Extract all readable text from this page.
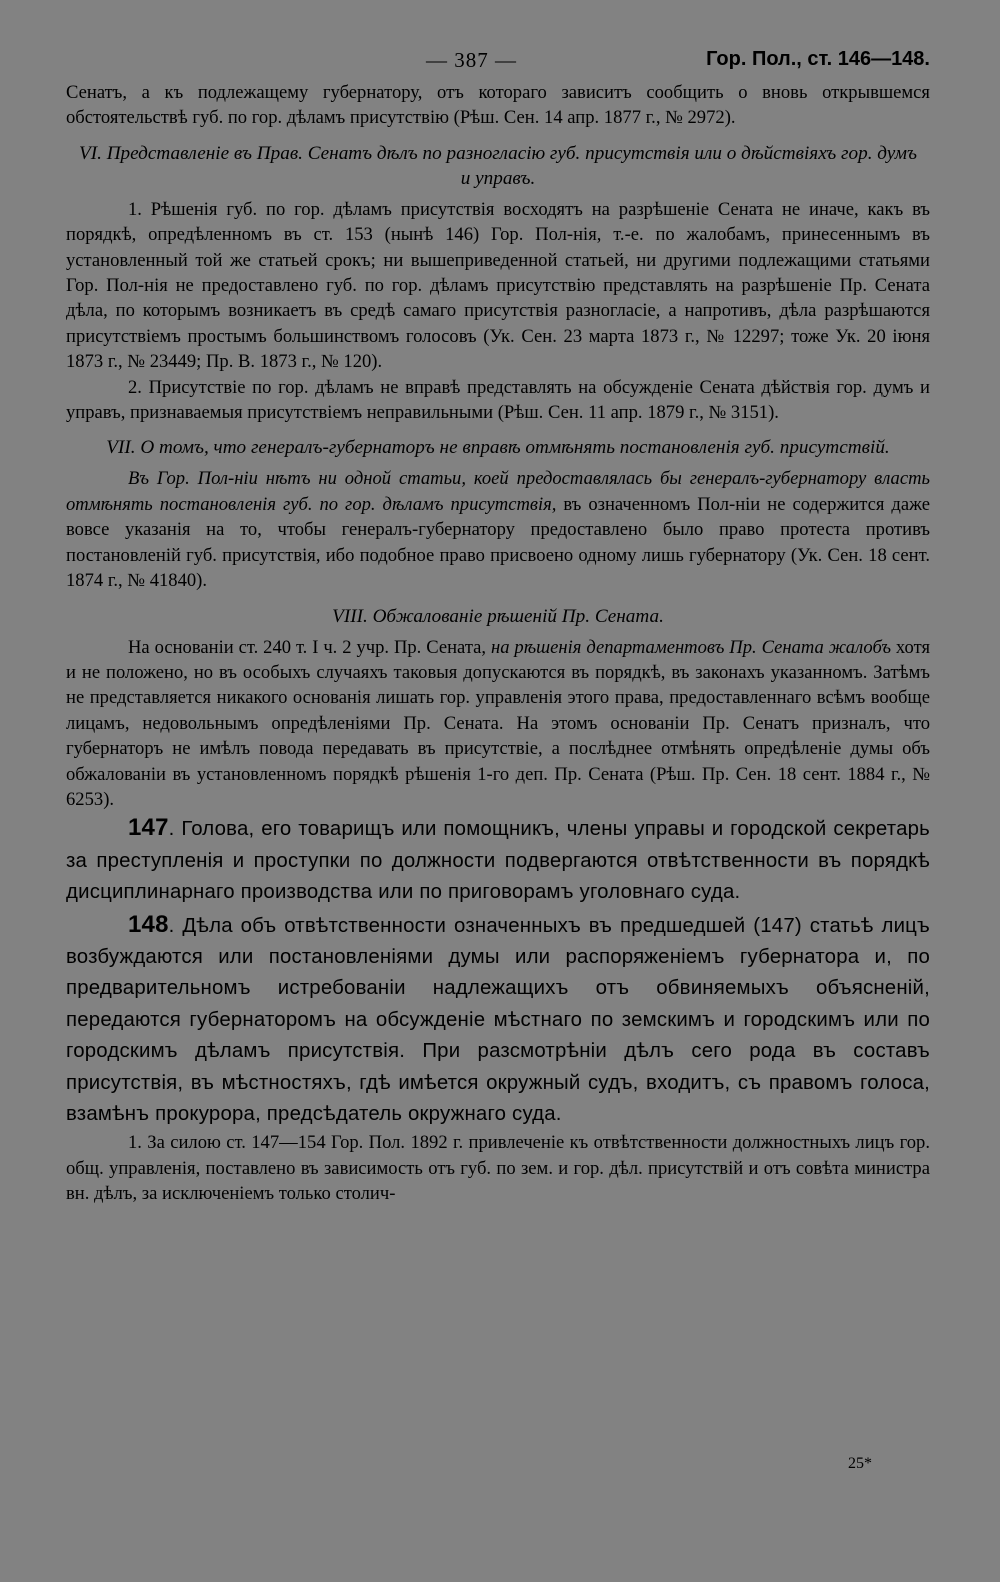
— 387 —	Гор. Пол., ст. 146—148.

Сенатъ, а къ подлежащему губернатору, отъ котораго зависитъ сообщить о вновь открывшемся обстоятельствѣ губ. по гор. дѣламъ присутствію (Рѣш. Сен. 14 апр. 1877 г., № 2972).

VI. Представленіе въ Прав. Сенатъ дѣлъ по разногласію губ. присутствія или о дѣйствіяхъ гор. думъ и управъ.

1. Рѣшенія губ. по гор. дѣламъ присутствія восходятъ на разрѣшеніе Сената не иначе, какъ въ порядкѣ, опредѣленномъ въ ст. 153 (нынѣ 146) Гор. Пол-нія, т.-е. по жалобамъ, принесеннымъ въ установленный той же статьей срокъ; ни вышеприведенной статьей, ни другими подлежащими статьями Гор. Пол-нія не предоставлено губ. по гор. дѣламъ присутствію представлять на разрѣшеніе Пр. Сената дѣла, по которымъ возникаетъ въ средѣ самаго присутствія разногласіе, а напротивъ, дѣла разрѣшаются присутствіемъ простымъ большинствомъ голосовъ (Ук. Сен. 23 марта 1873 г., № 12297; тоже Ук. 20 іюня 1873 г., № 23449; Пр. В. 1873 г., № 120).

2. Присутствіе по гор. дѣламъ не вправѣ представлять на обсужденіе Сената дѣйствія гор. думъ и управъ, признаваемыя присутствіемъ неправильными (Рѣш. Сен. 11 апр. 1879 г., № 3151).

VII. О томъ, что генералъ-губернаторъ не вправѣ отмѣнять постановленія губ. присутствій.

Въ Гор. Пол-ніи нѣтъ ни одной статьи, коей предоставлялась бы генералъ-губернатору власть отмѣнять постановленія губ. по гор. дѣламъ присутствія, въ означенномъ Пол-ніи не содержится даже вовсе указанія на то, чтобы генералъ-губернатору предоставлено было право протеста противъ постановленій губ. присутствія, ибо подобное право присвоено одному лишь губернатору (Ук. Сен. 18 сент. 1874 г., № 41840).

VIII. Обжалованіе рѣшеній Пр. Сената.

На основаніи ст. 240 т. I ч. 2 учр. Пр. Сената, на рѣшенія департаментовъ Пр. Сената жалобъ хотя и не положено, но въ особыхъ случаяхъ таковыя допускаются въ порядкѣ, въ законахъ указанномъ. Затѣмъ не представляется никакого основанія лишать гор. управленія этого права, предоставленнаго всѣмъ вообще лицамъ, недовольнымъ опредѣленіями Пр. Сената. На этомъ основаніи Пр. Сенатъ призналъ, что губернаторъ не имѣлъ повода передавать въ присутствіе, а послѣднее отмѣнять опредѣленіе думы объ обжалованіи въ установленномъ порядкѣ рѣшенія 1-го деп. Пр. Сената (Рѣш. Пр. Сен. 18 сент. 1884 г., № 6253).

147. Голова, его товарищъ или помощникъ, члены управы и городской секретарь за преступленія и проступки по должности подвергаются отвѣтственности въ порядкѣ дисциплинарнаго производства или по приговорамъ уголовнаго суда.

148. Дѣла объ отвѣтственности означенныхъ въ предшедшей (147) статьѣ лицъ возбуждаются или постановленіями думы или распоряженіемъ губернатора и, по предварительномъ истребованіи надлежащихъ отъ обвиняемыхъ объясненій, передаются губернаторомъ на обсужденіе мѣстнаго по земскимъ и городскимъ или по городскимъ дѣламъ присутствія. При разсмотрѣніи дѣлъ сего рода въ составъ присутствія, въ мѣстностяхъ, гдѣ имѣется окружный судъ, входитъ, съ правомъ голоса, взамѣнъ прокурора, предсѣдатель окружнаго суда.

1. За силою ст. 147—154 Гор. Пол. 1892 г. привлеченіе къ отвѣтственности должностныхъ лицъ гор. общ. управленія, поставлено въ зависимость отъ губ. по зем. и гор. дѣл. присутствій и отъ совѣта министра вн. дѣлъ, за исключеніемъ только столич-

25*
